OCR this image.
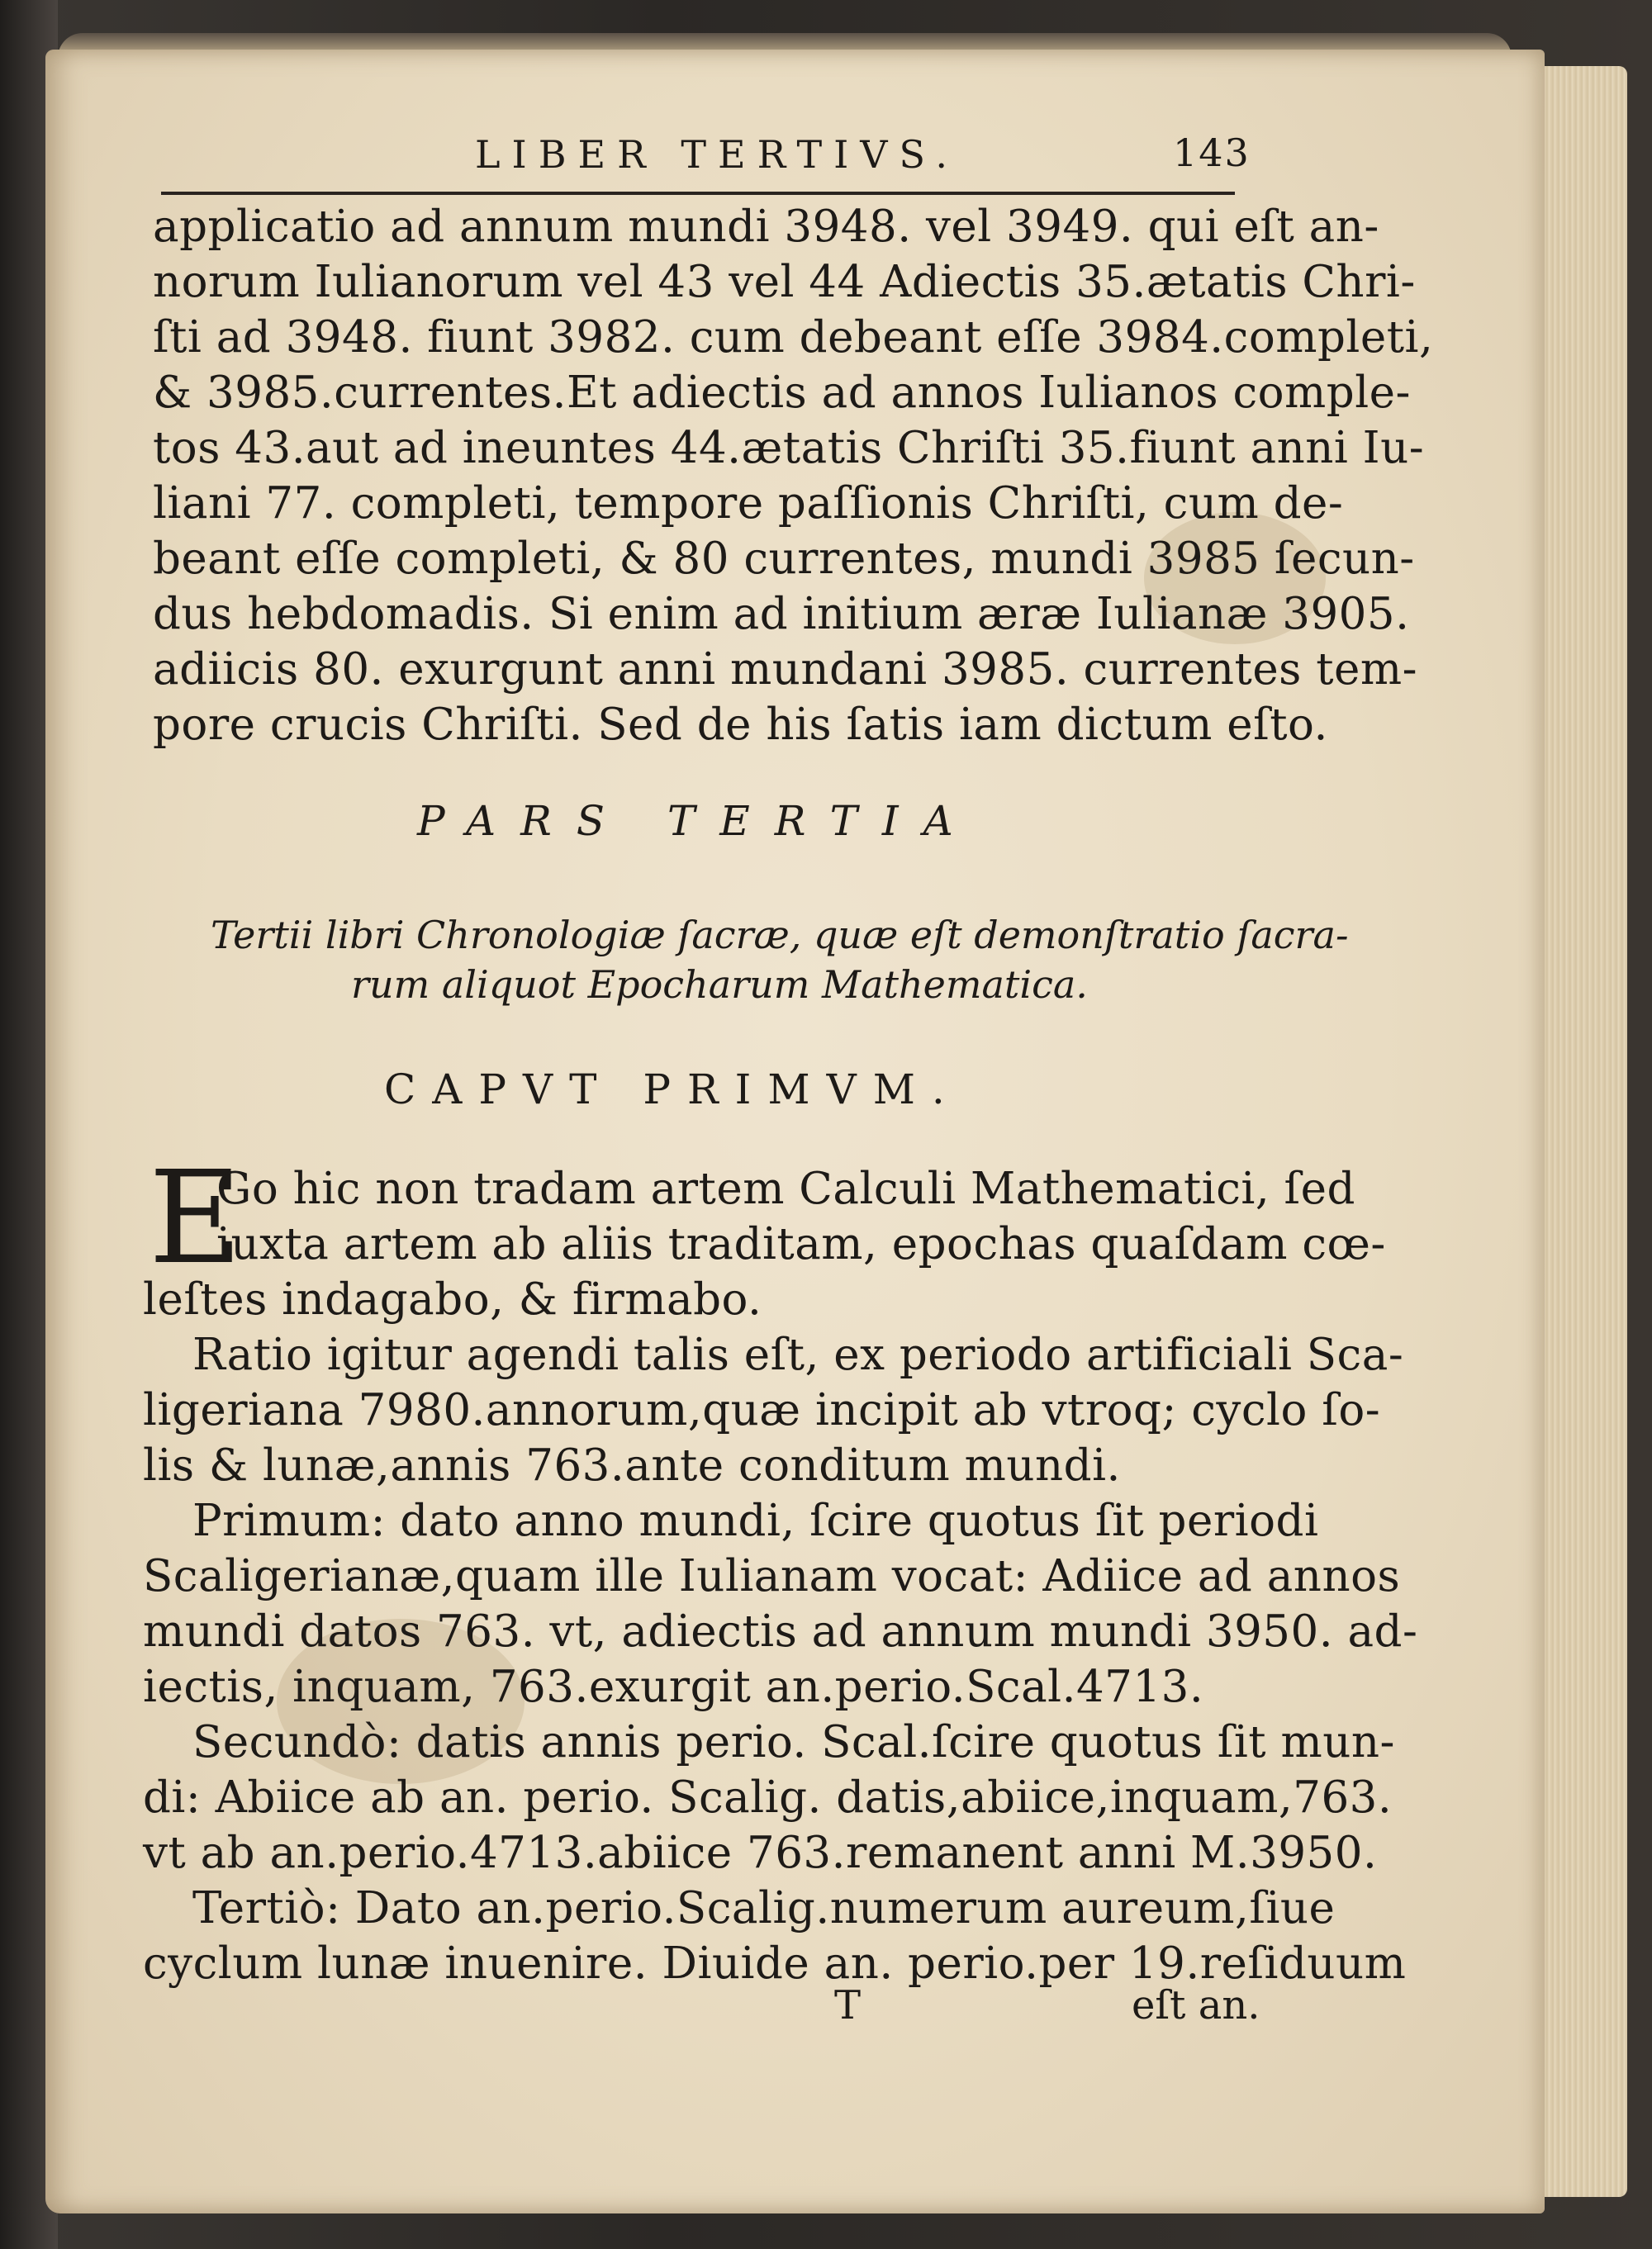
LIBER TERTIVS.	143
applicatio ad annum mundi 3948. vel 3949. qui eſt an-
norum Iulianorum vel 43 vel 44 Adiectis 35.ætatis Chri-
ſti ad 3948. fiunt 3982. cum debeant eſſe 3984.completi,
& 3985.currentes.Et adiectis ad annos Iulianos comple-
tos 43.aut ad ineuntes 44.ætatis Chriſti 35.fiunt anni Iu-
liani 77. completi, tempore paſſionis Chriſti, cum de-
beant eſſe completi, & 80 currentes, mundi 3985 ſecun-
dus hebdomadis. Si enim ad initium æræ Iulianæ 3905.
adiicis 80. exurgunt anni mundani 3985. currentes tem-
pore crucis Chriſti. Sed de his ſatis iam dictum eſto.
PARS TERTIA
Tertii libri Chronologiæ ſacræ, quæ eſt demonſtratio ſacra-
rum aliquot Epocharum Mathematica.
CAPVT PRIMVM.
E
Go hic non tradam artem Calculi Mathematici, ſed
iuxta artem ab aliis traditam, epochas quaſdam cœ-
leſtes indagabo, & firmabo.
Ratio igitur agendi talis eſt, ex periodo artificiali Sca-
ligeriana 7980.annorum,quæ incipit ab vtroq; cyclo ſo-
lis & lunæ,annis 763.ante conditum mundi.
Primum: dato anno mundi, ſcire quotus ſit periodi
Scaligerianæ,quam ille Iulianam vocat: Adiice ad annos
mundi datos 763. vt, adiectis ad annum mundi 3950. ad-
iectis, inquam, 763.exurgit an.perio.Scal.4713.
Secundò: datis annis perio. Scal.ſcire quotus ſit mun-
di: Abiice ab an. perio. Scalig. datis,abiice,inquam,763.
vt ab an.perio.4713.abiice 763.remanent anni M.3950.
Tertiò: Dato an.perio.Scalig.numerum aureum,ſiue
cyclum lunæ inuenire. Diuide an. perio.per 19.reſiduum
T	eſt an.
